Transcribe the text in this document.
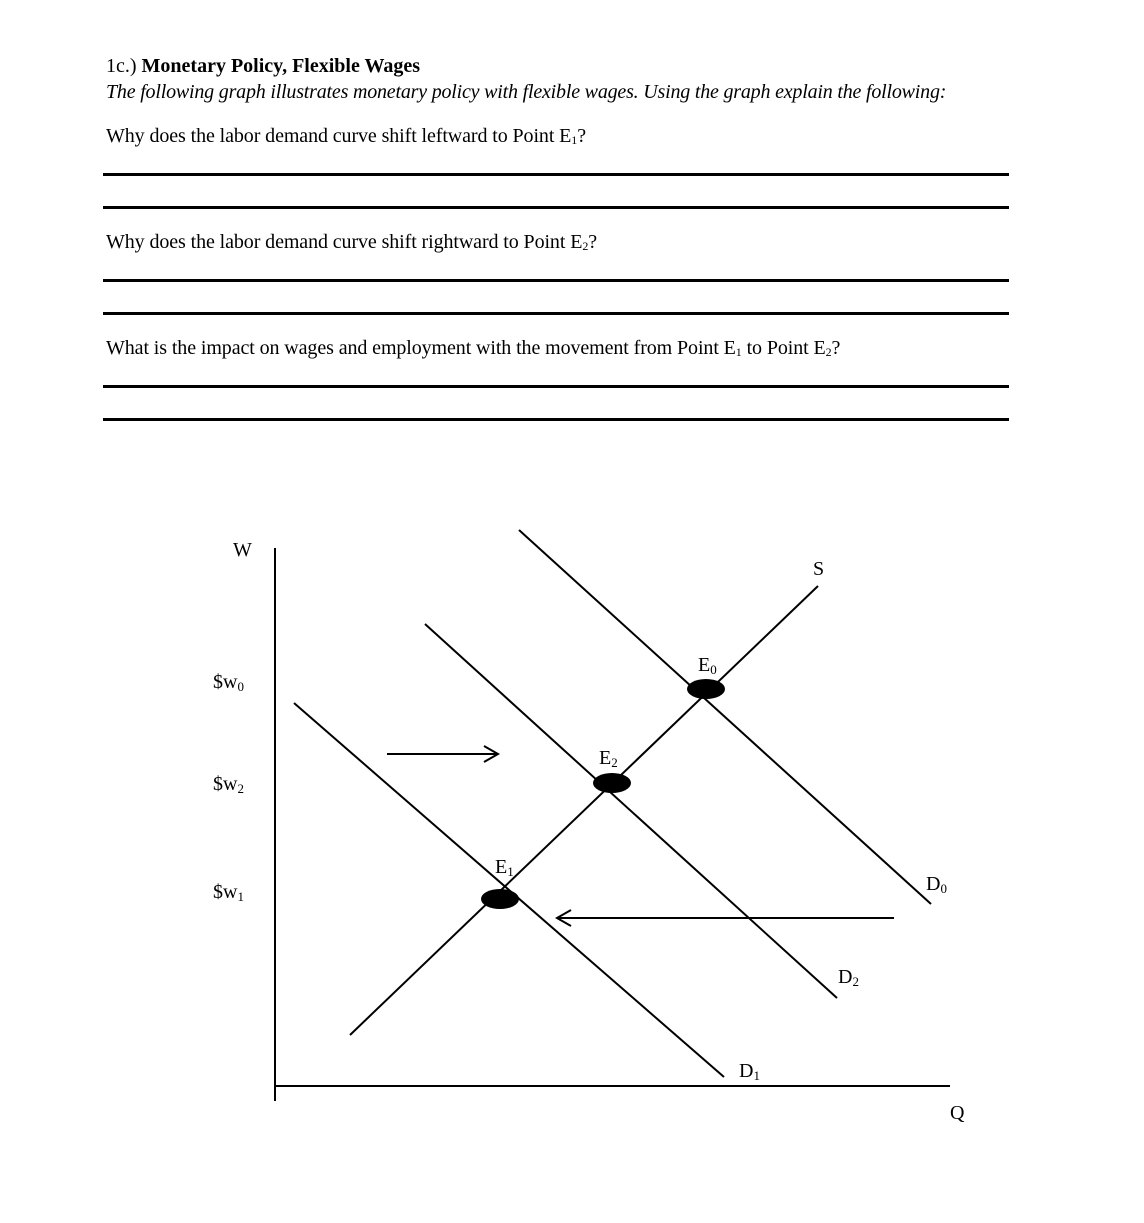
1c.) Monetary Policy, Flexible Wages
The following graph illustrates monetary policy with flexible wages. Using the graph explain the following:
Why does the labor demand curve shift leftward to Point $E_1$?
Why does the labor demand curve shift rightward to Point $E_2$?
What is the impact on wages and employment with the movement from Point $E_1$ to Point $E_2$?
W
Q
$w0
$w2
$w1
S
D0
D2
D1
E0
E2
E1
